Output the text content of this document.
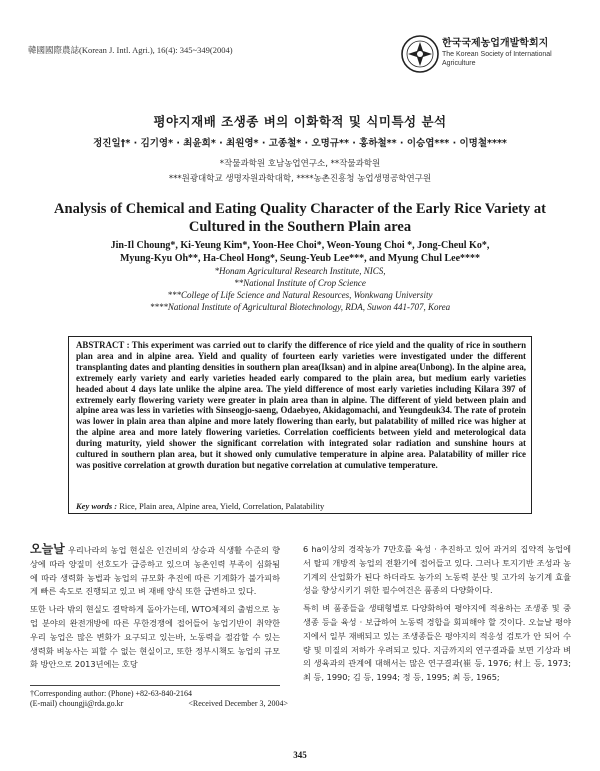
韓國國際農誌(Korean J. Intl. Agri.), 16(4): 345~349(2004)
한국국제농업개발학회지
The Korean Society of International Agriculture
평야지재배 조생종 벼의 이화학적 및 식미특성 분석
정진일†* · 김기영* · 최윤희* · 최원영* · 고종철* · 오명규** · 홍하철** · 이승엽*** · 이명철****
*작물과학원 호남농업연구소, **작물과학원
***원광대학교 생명자원과학대학, ****농촌진흥청 농업생명공학연구원
Analysis of Chemical and Eating Quality Character of the Early Rice Variety at Cultured in the Southern Plain area
Jin-Il Choung*, Ki-Yeung Kim*, Yoon-Hee Choi*, Weon-Young Choi *, Jong-Cheul Ko*,
Myung-Kyu Oh**, Ha-Cheol Hong*, Seung-Yeub Lee***, and Myung Chul Lee****
*Honam Agricultural Research Institute, NICS,
**National Institute of Crop Science
***College of Life Science and Natural Resources, Wonkwang University
****National Institute of Agricultural Biotechnology, RDA, Suwon 441-707, Korea
ABSTRACT : This experiment was carried out to clarify the difference of rice yield and the quality of rice in southern plan area and in alpine area. Yield and quality of fourteen early varieties were investigated under the different transplanting dates and planting densities in southern plan area(Iksan) and in alpine area(Unbong). In the alpine area, extremely early variety and early varieties headed early compared to the plain area, but medium early varieties headed about 4 days late unlike the alpine area. The yield difference of most early varieties including Kilara 397 of extremely early flowering variety were greater in plain area than in alpine. The different of yield between plain and alpine area was less in varieties with Sinseogjo-saeng, Odaebyeo, Akidagomachi, and Yeungdeuk34. The rate of protein was lower in plain area than alpine and more lately flowering than early, but palatability of milled rice was higher at the alpine area and more lately flowering varieties. Correlation coefficients between yield and meterological data during maturity, yield shower the significant correlation with integrated solar radiation and sunshine hours at cultured in southern plan area, but it showed only cumulative temperature in alpine area. Palatability of miller rice was positive correlation at growth duration but negative correlation at cumulative temperature.
Key words : Rice, Plain area, Alpine area, Yield, Correlation, Palatability

오늘날 우리나라의 농업 현실은 인건비의 상승과 식생활 수준의 향상에 따라 양질미 선호도가 급증하고 있으며 농촌인력 부족이 심화됨에 따라 생력화 농법과 농업의 규모화 추진에 따른 기계화가 불가피하게 빠른 속도로 진행되고 있고 벼 재배 양식 또한 급변하고 있다.

또한 나라 밖의 현실도 결탁하게 돌아가는데, WTO체제의 출범으로 농업 분야의 완전개방에 따른 무한경쟁에 접어들어 농업기반이 취약한 우리 농업은 많은 변화가 요구되고 있는바, 노동력을 절감할 수 있는 생력화 벼농사는 피할 수 없는 현실이고, 또한 정부시책도 농업의 규모화 방안으로 2013년에는 호당

6 ha이상의 경작농가 7만호를 육성 · 추진하고 있어 과거의 집약적 농업에서 탈피 개방적 농업의 전환기에 접어들고 있다. 그러나 토지기반 조성과 농기계의 산업화가 된다 하더라도 농가의 노동력 분산 및 고가의 농기계 효율성을 향상시키기 위한 필수여건은 품종의 다양화이다.

특히 벼 품종들을 생태형별로 다양화하여 평야지에 적용하는 조생종 및 중생종 등을 육성 · 보급하여 노동력 경합을 회피해야 할 것이다. 오늘날 평야지에서 일부 재배되고 있는 조생종들은 평야지의 적응성 검토가 안 되어 수량 및 미질의 저하가 우려되고 있다. 지금까지의 연구결과를 보면 기상과 벼의 생육과의 관계에 대해서는 많은 연구결과(崔 등, 1976; 村上 등, 1973; 최 등, 1990; 김 등, 1994; 정 등, 1995; 최 등, 1965;

†Corresponding author: (Phone) +82-63-840-2164
(E-mail) choungji@rda.go.kr	<Received December 3, 2004>
345
